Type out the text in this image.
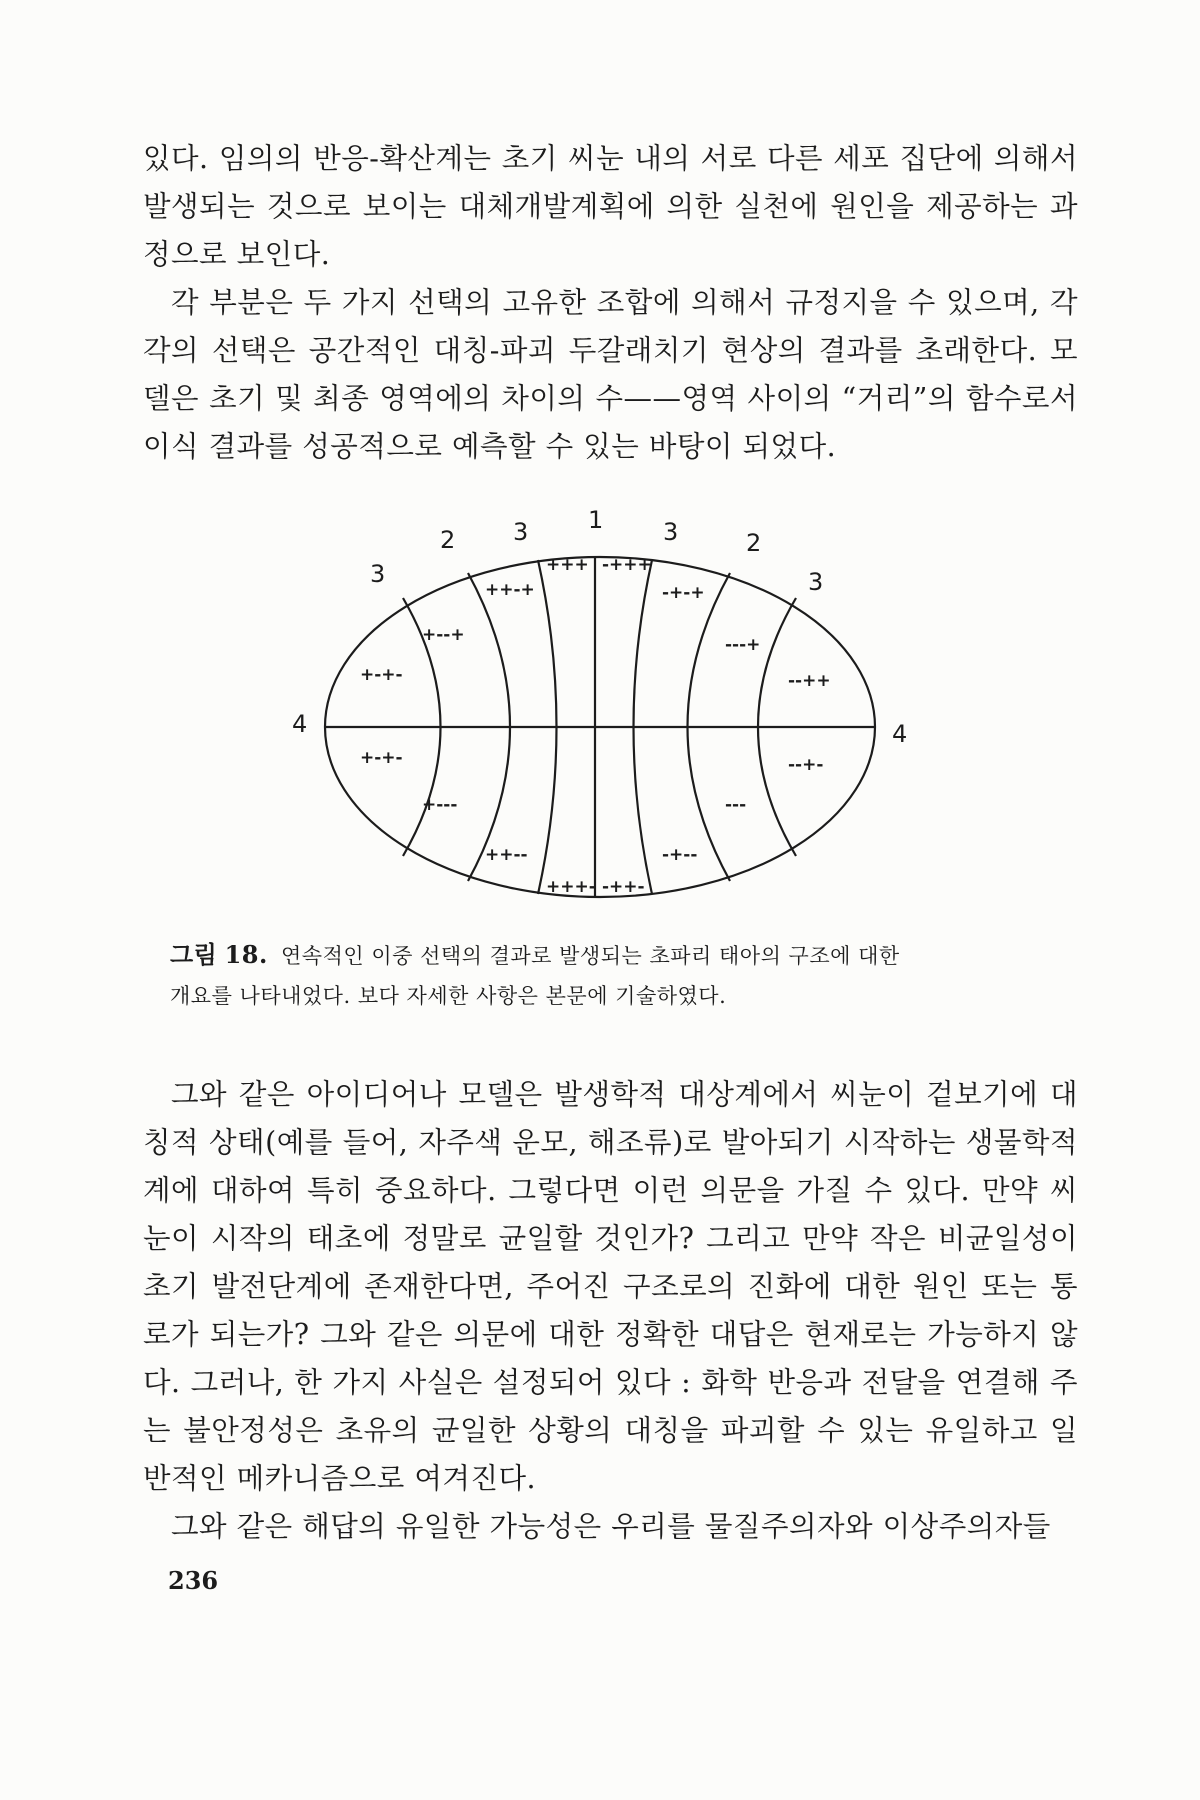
있다. 임의의 반응-확산계는 초기 씨눈 내의 서로 다른 세포 집단에 의해서 발생되는 것으로 보이는 대체개발계획에 의한 실천에 원인을 제공하는 과정으로 보인다.

각 부분은 두 가지 선택의 고유한 조합에 의해서 규정지을 수 있으며, 각각의 선택은 공간적인 대칭-파괴 두갈래치기 현상의 결과를 초래한다. 모델은 초기 및 최종 영역에의 차이의 수——영역 사이의 “거리”의 함수로서 이식 결과를 성공적으로 예측할 수 있는 바탕이 되었다.

1
3	3
2	2
3	3
4	4
+-+-
+--+
++-+
+++ -+++
-+-+
---+
--++
+-+-
+---
++--
+++- -++-
-+--
---
--+-

그림 18. 연속적인 이중 선택의 결과로 발생되는 초파리 태아의 구조에 대한

개요를 나타내었다. 보다 자세한 사항은 본문에 기술하였다.

그와 같은 아이디어나 모델은 발생학적 대상계에서 씨눈이 겉보기에 대칭적 상태(예를 들어, 자주색 운모, 해조류)로 발아되기 시작하는 생물학적 계에 대하여 특히 중요하다. 그렇다면 이런 의문을 가질 수 있다. 만약 씨눈이 시작의 태초에 정말로 균일할 것인가? 그리고 만약 작은 비균일성이 초기 발전단계에 존재한다면, 주어진 구조로의 진화에 대한 원인 또는 통로가 되는가? 그와 같은 의문에 대한 정확한 대답은 현재로는 가능하지 않다. 그러나, 한 가지 사실은 설정되어 있다 : 화학 반응과 전달을 연결해 주는 불안정성은 초유의 균일한 상황의 대칭을 파괴할 수 있는 유일하고 일반적인 메카니즘으로 여겨진다.

그와 같은 해답의 유일한 가능성은 우리를 물질주의자와 이상주의자들

236
